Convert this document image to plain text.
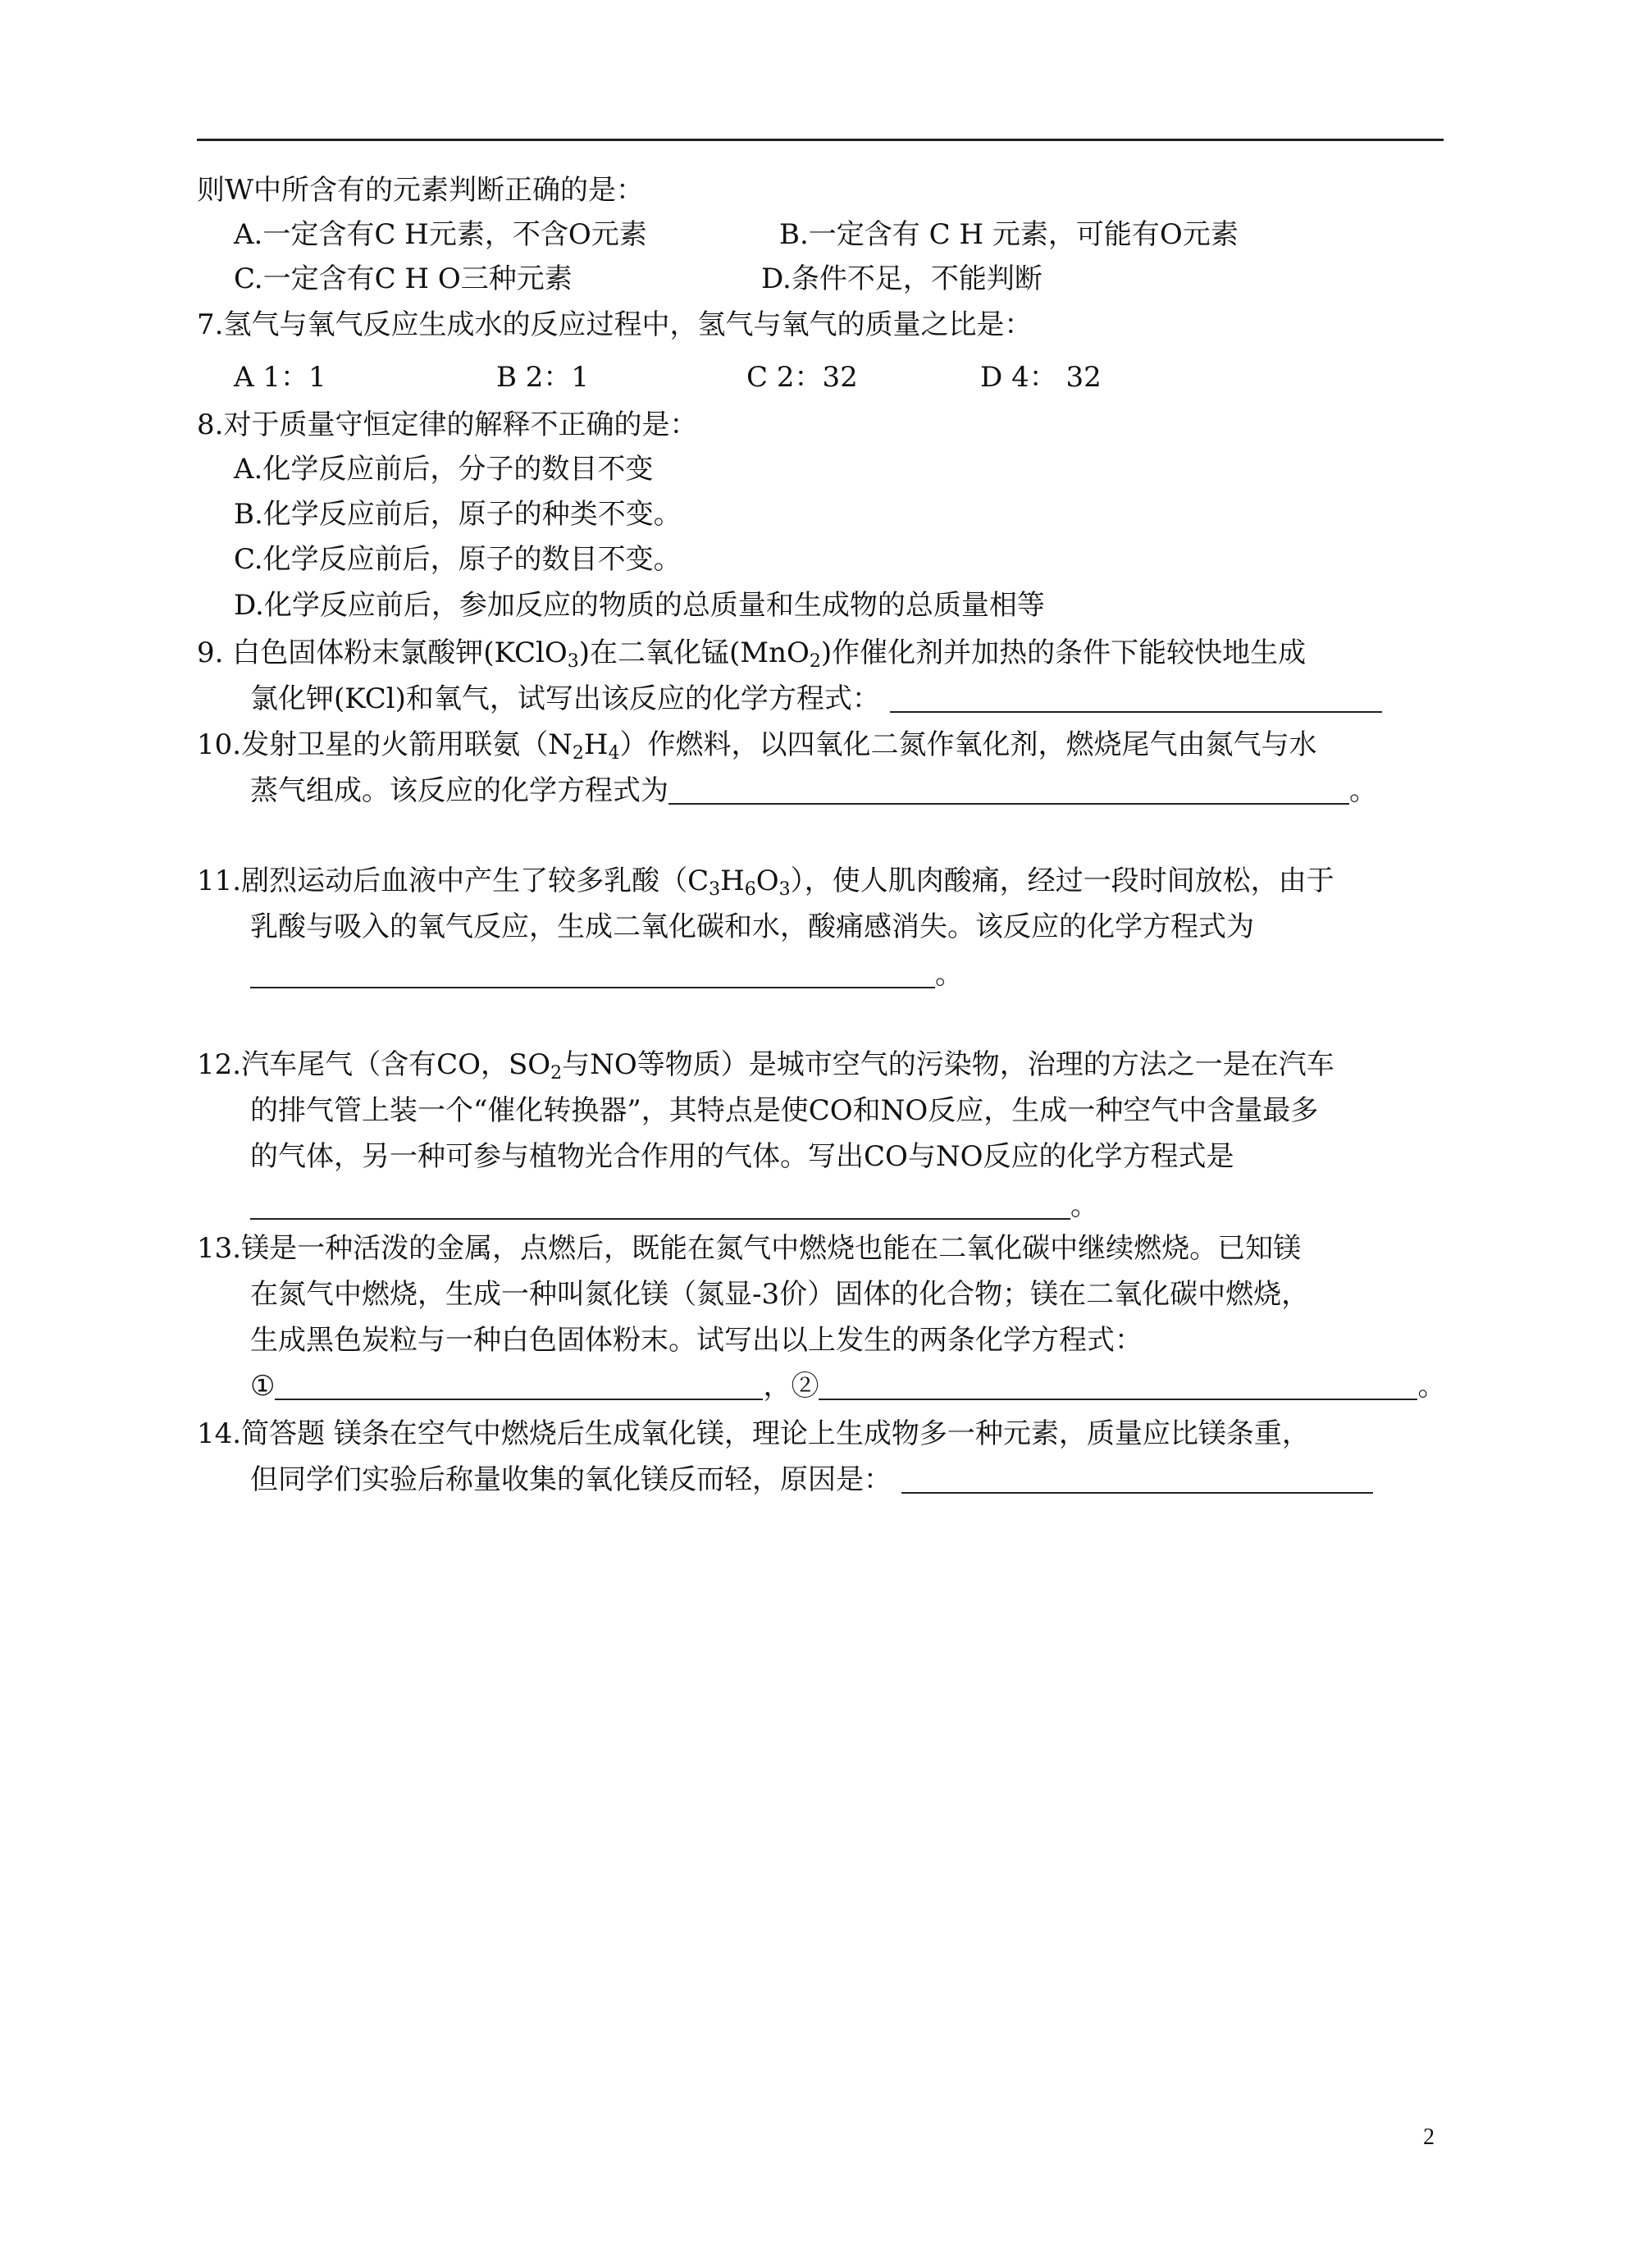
则W中所含有的元素判断正确的是：
A.一定含有C H元素，不含O元素	B.一定含有 C H 元素，可能有O元素
C.一定含有C H O三种元素	D.条件不足，不能判断
7.氢气与氧气反应生成水的反应过程中，氢气与氧气的质量之比是：
A 1：1	B 2：1	C 2：32	D 4： 32
8.对于质量守恒定律的解释不正确的是：
A.化学反应前后，分子的数目不变
B.化学反应前后，原子的种类不变。
C.化学反应前后，原子的数目不变。
D.化学反应前后，参加反应的物质的总质量和生成物的总质量相等
9. 白色固体粉末氯酸钾(KClO$_3$)在二氧化锰(MnO$_2$)作催化剂并加热的条件下能较快地生成
氯化钾(KCl)和氧气，试写出该反应的化学方程式：
10.发射卫星的火箭用联氨$(N_2H_4)$作燃料，以四氧化二氮作氧化剂，燃烧尾气由氮气与水
蒸气组成。该反应的化学方程式为	。
11.剧烈运动后血液中产生了较多乳酸$(C_3H_6O_3)$，使人肌肉酸痛，经过一段时间放松，由于
乳酸与吸入的氧气反应，生成二氧化碳和水，酸痛感消失。该反应的化学方程式为
。
12.汽车尾气（含有CO，$SO_2$与NO等物质）是城市空气的污染物，治理的方法之一是在汽车
的排气管上装一个“催化转换器”，其特点是使CO和NO反应，生成一种空气中含量最多
的气体，另一种可参与植物光合作用的气体。写出CO与NO反应的化学方程式是
。
13.镁是一种活泼的金属，点燃后，既能在氮气中燃烧也能在二氧化碳中继续燃烧。已知镁
在氮气中燃烧，生成一种叫氮化镁（氮显-3价）固体的化合物；镁在二氧化碳中燃烧，
生成黑色炭粒与一种白色固体粉末。试写出以上发生的两条化学方程式：
①	，②	。
14.简答题 镁条在空气中燃烧后生成氧化镁，理论上生成物多一种元素，质量应比镁条重，
但同学们实验后称量收集的氧化镁反而轻，原因是：
2
